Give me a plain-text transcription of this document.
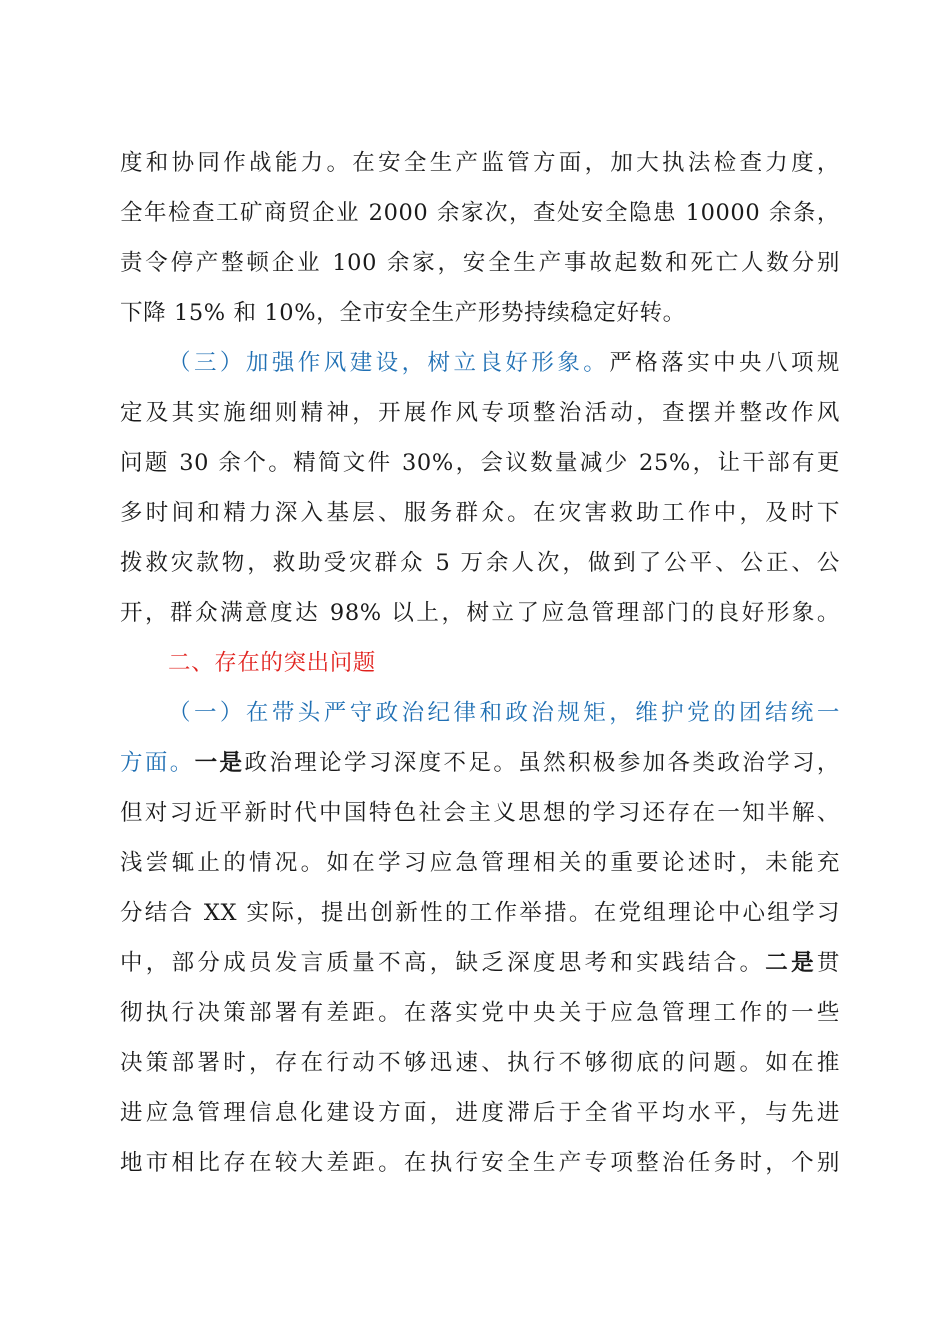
度和协同作战能力。在安全生产监管方面，加大执法检查力度，
全年检查工矿商贸企业 2000 余家次，查处安全隐患 10000 余条，
责令停产整顿企业 100 余家，安全生产事故起数和死亡人数分别
下降 15% 和 10%，全市安全生产形势持续稳定好转。
（三）加强作风建设，树立良好形象。严格落实中央八项规
定及其实施细则精神，开展作风专项整治活动，查摆并整改作风
问题 30 余个。精简文件 30%，会议数量减少 25%，让干部有更
多时间和精力深入基层、服务群众。在灾害救助工作中，及时下
拨救灾款物，救助受灾群众 5 万余人次，做到了公平、公正、公
开，群众满意度达 98% 以上，树立了应急管理部门的良好形象。
二、存在的突出问题
（一）在带头严守政治纪律和政治规矩，维护党的团结统一
方面。一是政治理论学习深度不足。虽然积极参加各类政治学习，
但对习近平新时代中国特色社会主义思想的学习还存在一知半解、
浅尝辄止的情况。如在学习应急管理相关的重要论述时，未能充
分结合 XX 实际，提出创新性的工作举措。在党组理论中心组学习
中，部分成员发言质量不高，缺乏深度思考和实践结合。二是贯
彻执行决策部署有差距。在落实党中央关于应急管理工作的一些
决策部署时，存在行动不够迅速、执行不够彻底的问题。如在推
进应急管理信息化建设方面，进度滞后于全省平均水平，与先进
地市相比存在较大差距。在执行安全生产专项整治任务时，个别
